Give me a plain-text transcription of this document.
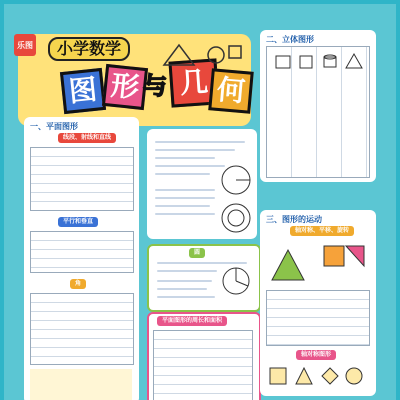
乐图	小学数学
图 形 与 几 何
一、平面图形
线段、射线和直线
平行和垂直
角
圆
平面图形的周长和面积
二、立体图形
三、图形的运动
轴对称、平移、旋转
轴对称图形
